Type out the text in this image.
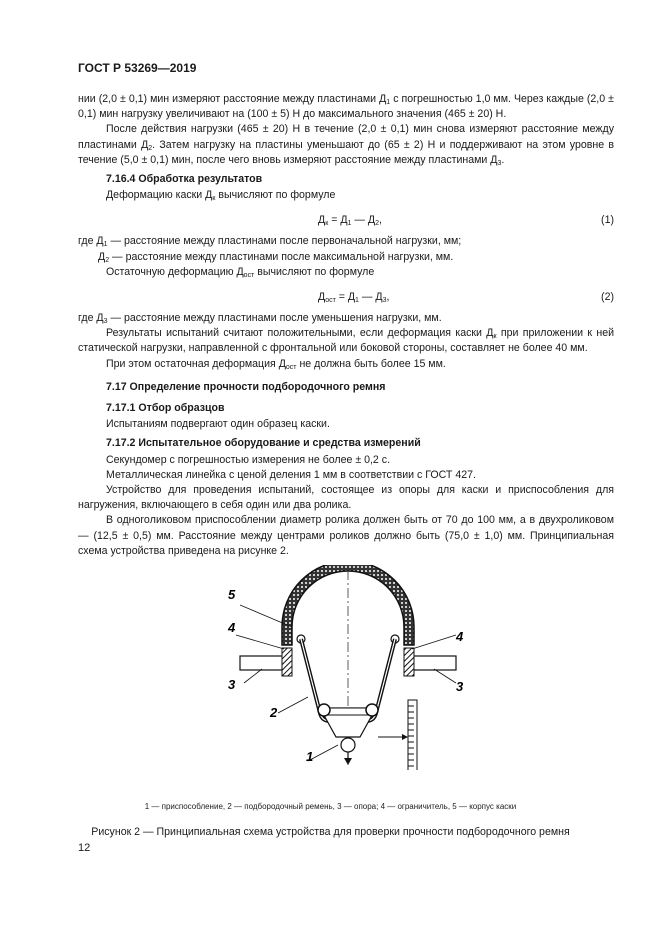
ГОСТ Р 53269—2019

нии (2,0 ± 0,1) мин измеряют расстояние между пластинами $Д_1$ с погрешностью 1,0 мм. Через каждые (2,0 ± 0,1) мин нагрузку увеличивают на (100 ± 5) Н до максимального значения (465 ± 20) Н.

После действия нагрузки (465 ± 20) Н в течение (2,0 ± 0,1) мин снова измеряют расстояние между пластинами $Д_2$. Затем нагрузку на пластины уменьшают до (65 ± 2) Н и поддерживают на этом уровне в течение (5,0 ± 0,1) мин, после чего вновь измеряют расстояние между пластинами $Д_3$.

7.16.4 Обработка результатов

Деформацию каски $Д_к$ вычисляют по формуле

$Д_к = Д_1$ — $Д_2$,	(1)

где $Д_1$ — расстояние между пластинами после первоначальной нагрузки, мм;

$Д_2$ — расстояние между пластинами после максимальной нагрузки, мм.

Остаточную деформацию $Д_{ост}$ вычисляют по формуле

$Д_{ост} = Д_1$ — $Д_3$,	(2)

где $Д_3$ — расстояние между пластинами после уменьшения нагрузки, мм.

Результаты испытаний считают положительными, если деформация каски $Д_к$ при приложении к ней статической нагрузки, направленной с фронтальной или боковой стороны, составляет не более 40 мм.

При этом остаточная деформация $Д_{ост}$ не должна быть более 15 мм.

7.17 Определение прочности подбородочного ремня
7.17.1 Отбор образцов

Испытаниям подвергают один образец каски.

7.17.2 Испытательное оборудование и средства измерений

Секундомер с погрешностью измерения не более ± 0,2 с.

Металлическая линейка с ценой деления 1 мм в соответствии с ГОСТ 427.

Устройство для проведения испытаний, состоящее из опоры для каски и приспособления для нагружения, включающего в себя один или два ролика.

В одноroликовом приспособлении диаметр ролика должен быть от 70 до 100 мм, а в двухроликовом — (12,5 ± 0,5) мм. Расстояние между центрами роликов должно быть (75,0 ± 1,0) мм. Принципиальная схема устройства приведена на рисунке 2.

5
4
4
3	3
2
1
1 — приспособление, 2 — подбородочный ремень, 3 — опора; 4 — ограничитель, 5 — корпус каски
Рисунок 2 — Принципиальная схема устройства для проверки прочности подбородочного ремня
12
